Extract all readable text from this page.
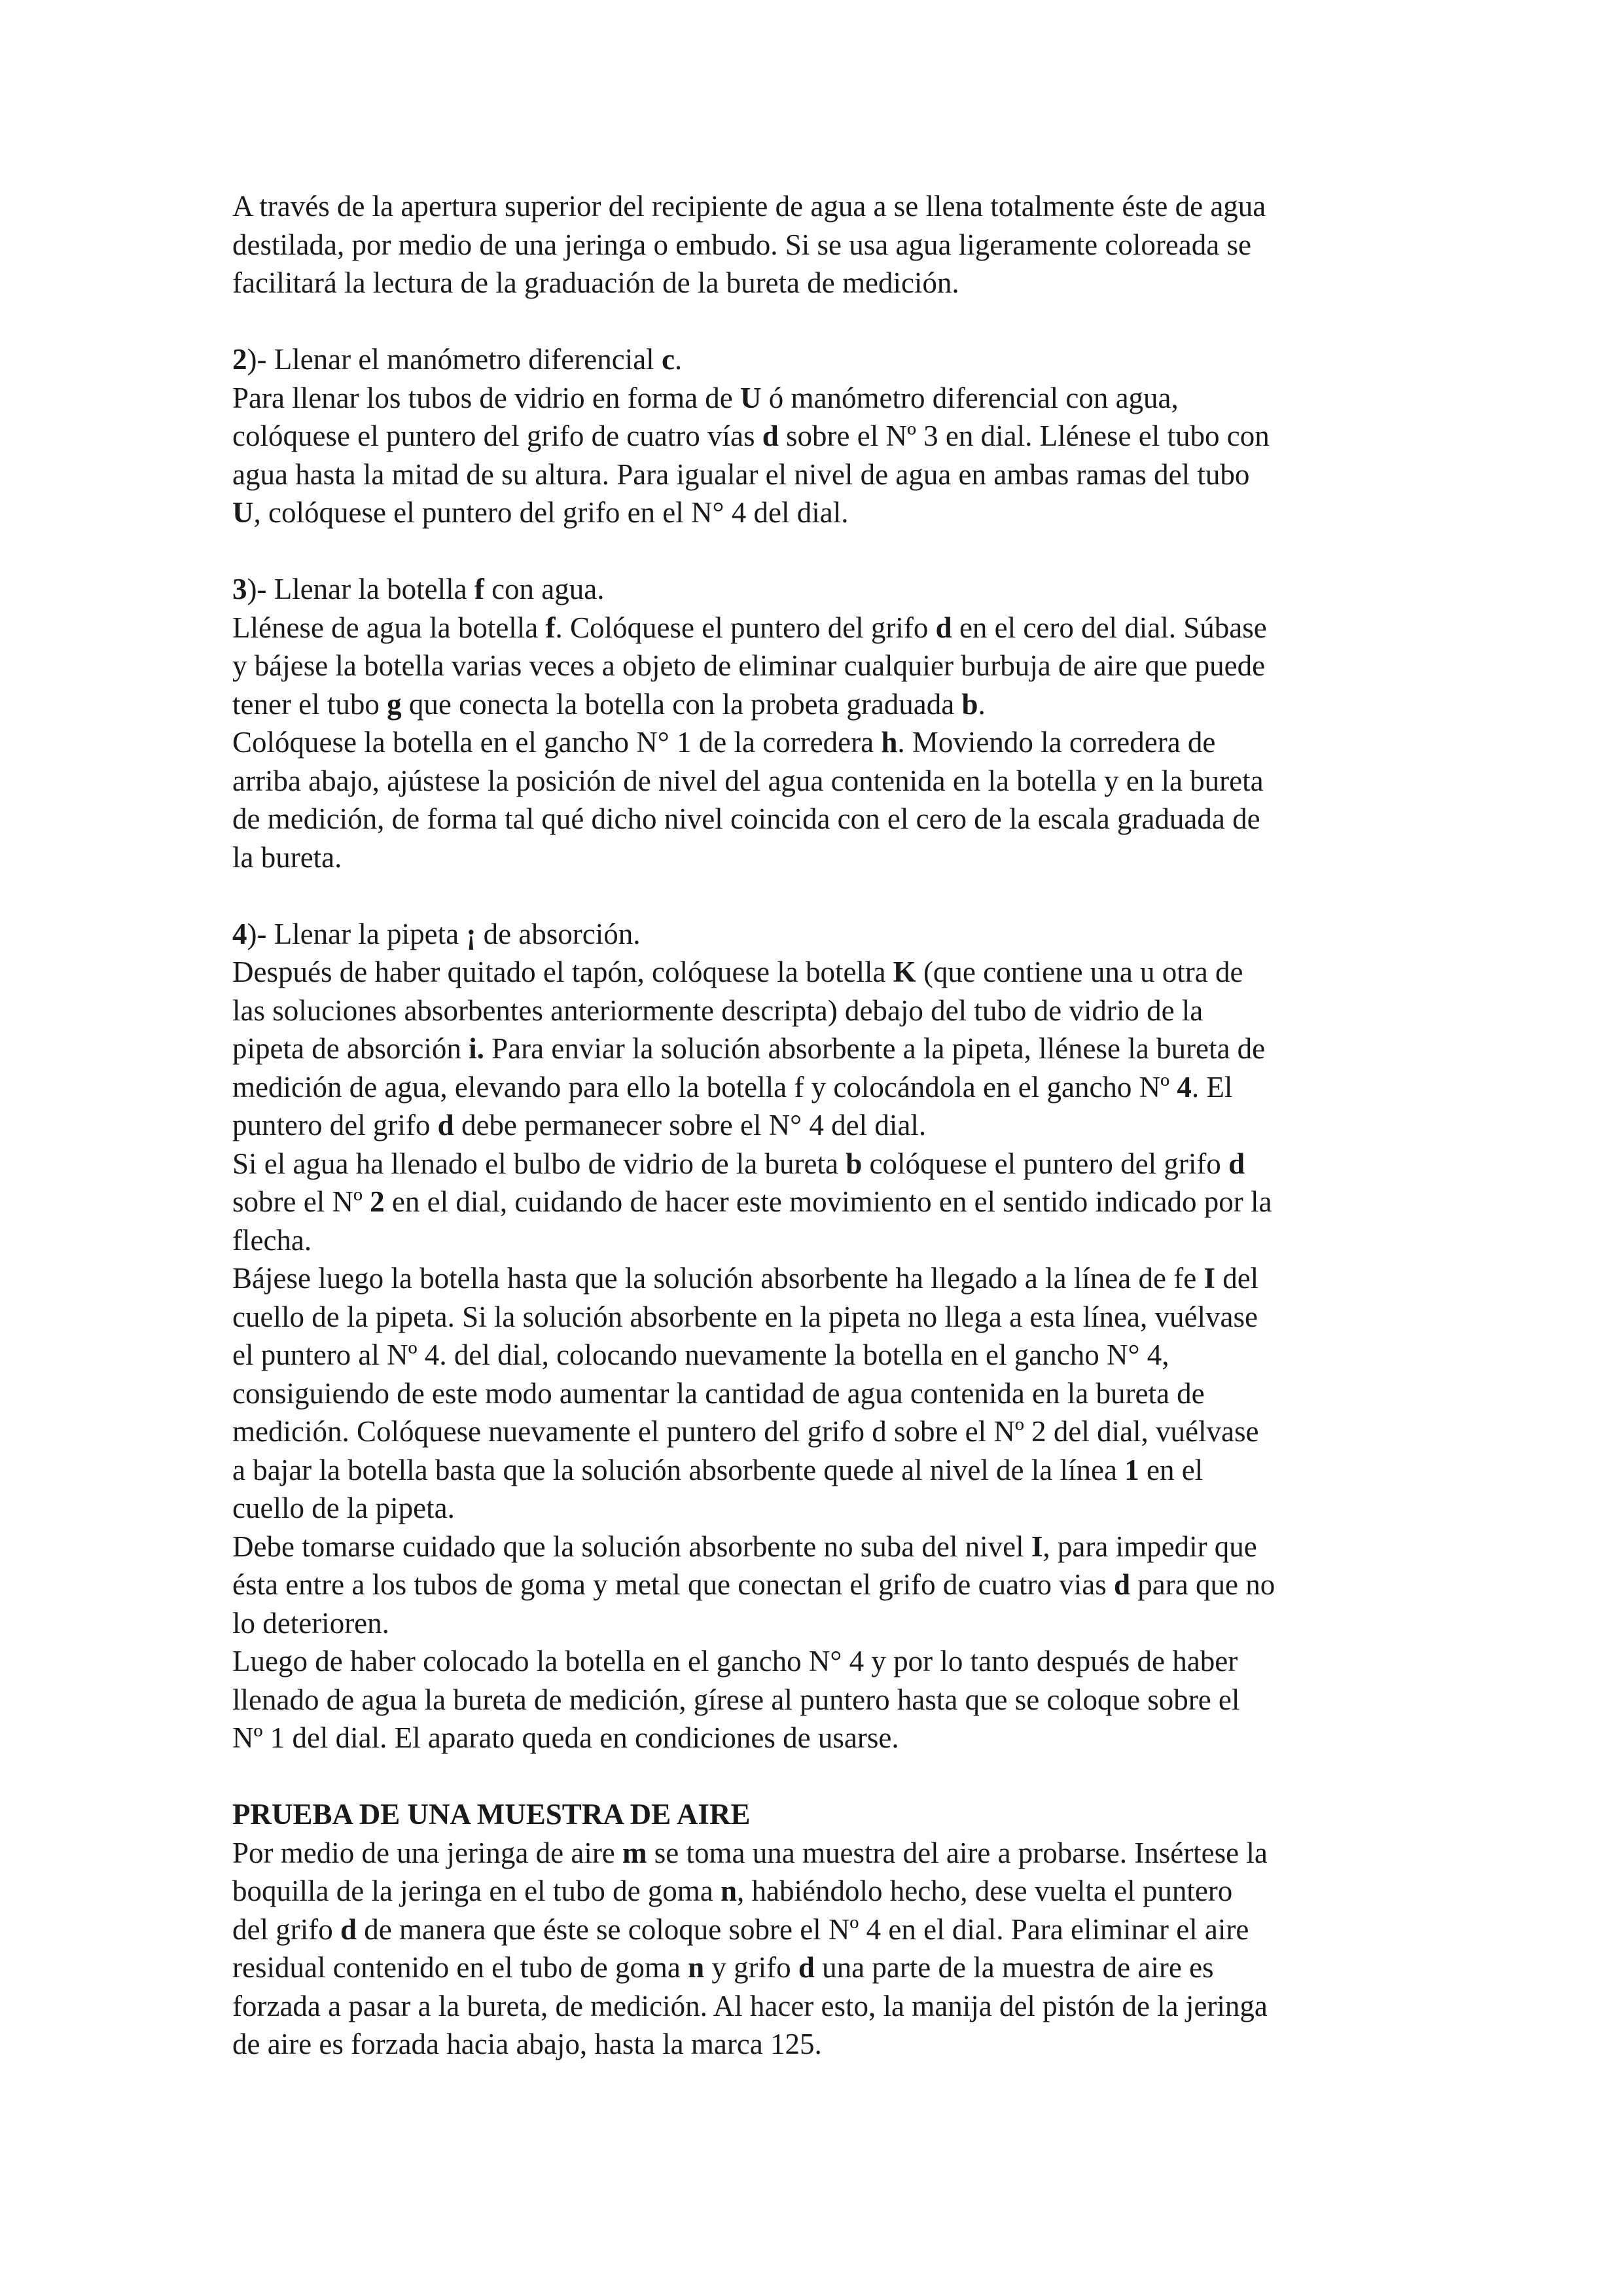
A través de la apertura superior del recipiente de agua a se llena totalmente éste de agua

destilada, por medio de una jeringa o embudo. Si se usa agua ligeramente coloreada se

facilitará la lectura de la graduación de la bureta de medición.

2)- Llenar el manómetro diferencial c.

Para llenar los tubos de vidrio en forma de U ó manómetro diferencial con agua,

colóquese el puntero del grifo de cuatro vías d sobre el Nº 3 en dial. Llénese el tubo con

agua hasta la mitad de su altura. Para igualar el nivel de agua en ambas ramas del tubo

U, colóquese el puntero del grifo en el N° 4 del dial.

3)- Llenar la botella f con agua.

Llénese de agua la botella f. Colóquese el puntero del grifo d en el cero del dial. Súbase

y bájese la botella varias veces a objeto de eliminar cualquier burbuja de aire que puede

tener el tubo g que conecta la botella con la probeta graduada b.

Colóquese la botella en el gancho N° 1 de la corredera h. Moviendo la corredera de

arriba abajo, ajústese la posición de nivel del agua contenida en la botella y en la bureta

de medición, de forma tal qué dicho nivel coincida con el cero de la escala graduada de

la bureta.

4)- Llenar la pipeta ¡ de absorción.

Después de haber quitado el tapón, colóquese la botella K (que contiene una u otra de

las soluciones absorbentes anteriormente descripta) debajo del tubo de vidrio de la

pipeta de absorción i. Para enviar la solución absorbente a la pipeta, llénese la bureta de

medición de agua, elevando para ello la botella f y colocándola en el gancho Nº 4. El

puntero del grifo d debe permanecer sobre el N° 4 del dial.

Si el agua ha llenado el bulbo de vidrio de la bureta b colóquese el puntero del grifo d

sobre el Nº 2 en el dial, cuidando de hacer este movimiento en el sentido indicado por la

flecha.

Bájese luego la botella hasta que la solución absorbente ha llegado a la línea de fe I del

cuello de la pipeta. Si la solución absorbente en la pipeta no llega a esta línea, vuélvase

el puntero al Nº 4. del dial, colocando nuevamente la botella en el gancho N° 4,

consiguiendo de este modo aumentar la cantidad de agua contenida en la bureta de

medición. Colóquese nuevamente el puntero del grifo d sobre el Nº 2 del dial, vuélvase

a bajar la botella basta que la solución absorbente quede al nivel de la línea 1 en el

cuello de la pipeta.

Debe tomarse cuidado que la solución absorbente no suba del nivel I, para impedir que

ésta entre a los tubos de goma y metal que conectan el grifo de cuatro vias d para que no

lo deterioren.

Luego de haber colocado la botella en el gancho N° 4 y por lo tanto después de haber

llenado de agua la bureta de medición, gírese al puntero hasta que se coloque sobre el

Nº 1 del dial. El aparato queda en condiciones de usarse.

PRUEBA DE UNA MUESTRA DE AIRE

Por medio de una jeringa de aire m se toma una muestra del aire a probarse. Insértese la

boquilla de la jeringa en el tubo de goma n, habiéndolo hecho, dese vuelta el puntero

del grifo d de manera que éste se coloque sobre el Nº 4 en el dial. Para eliminar el aire

residual contenido en el tubo de goma n y grifo d una parte de la muestra de aire es

forzada a pasar a la bureta, de medición. Al hacer esto, la manija del pistón de la jeringa

de aire es forzada hacia abajo, hasta la marca 125.
